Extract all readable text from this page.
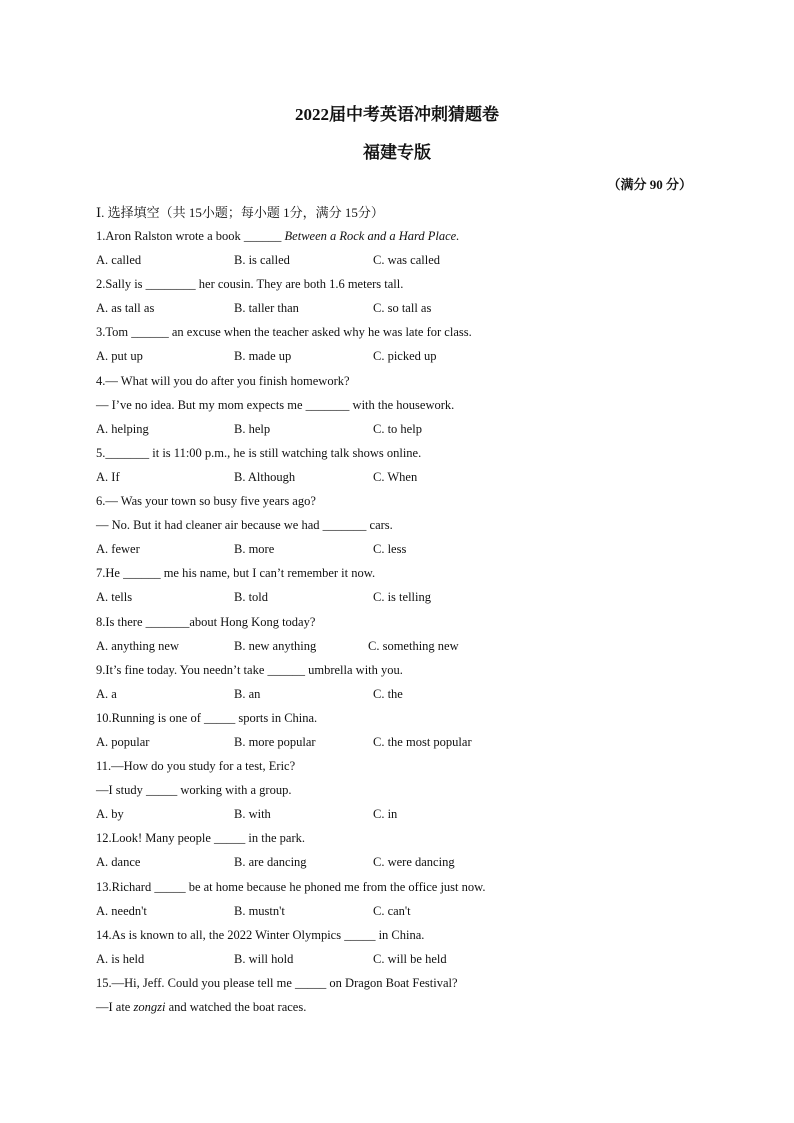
2022届中考英语冲刺猜题卷
福建专版
（满分 90 分）
Ⅰ. 选择填空（共 15小题；每小题 1分，满分 15分）
1.Aron Ralston wrote a book ______ Between a Rock and a Hard Place.
A. called	B. is called	C. was called
2.Sally is ________ her cousin. They are both 1.6 meters tall.
A. as tall as	B. taller than	C. so tall as
3.Tom ______ an excuse when the teacher asked why he was late for class.
A. put up	B. made up	C. picked up
4.— What will you do after you finish homework?
— I’ve no idea. But my mom expects me _______ with the housework.
A. helping	B. help	C. to help
5._______ it is 11:00 p.m., he is still watching talk shows online.
A. If	B. Although	C. When
6.— Was your town so busy five years ago?
— No. But it had cleaner air because we had _______ cars.
A. fewer	B. more	C. less
7.He ______ me his name, but I can’t remember it now.
A. tells	B. told	C. is telling
8.Is there _______about Hong Kong today?
A. anything new	B. new anything	C. something new
9.It’s fine today. You needn’t take ______ umbrella with you.
A. a	B. an	C. the
10.Running is one of _____ sports in China.
A. popular	B. more popular	C. the most popular
11.—How do you study for a test, Eric?
—I study _____ working with a group.
A. by	B. with	C. in
12.Look! Many people _____ in the park.
A. dance	B. are dancing	C. were dancing
13.Richard _____ be at home because he phoned me from the office just now.
A. needn't	B. mustn't	C. can't
14.As is known to all, the 2022 Winter Olympics _____ in China.
A. is held	B. will hold	C. will be held
15.—Hi, Jeff. Could you please tell me _____ on Dragon Boat Festival?
—I ate zongzi and watched the boat races.
